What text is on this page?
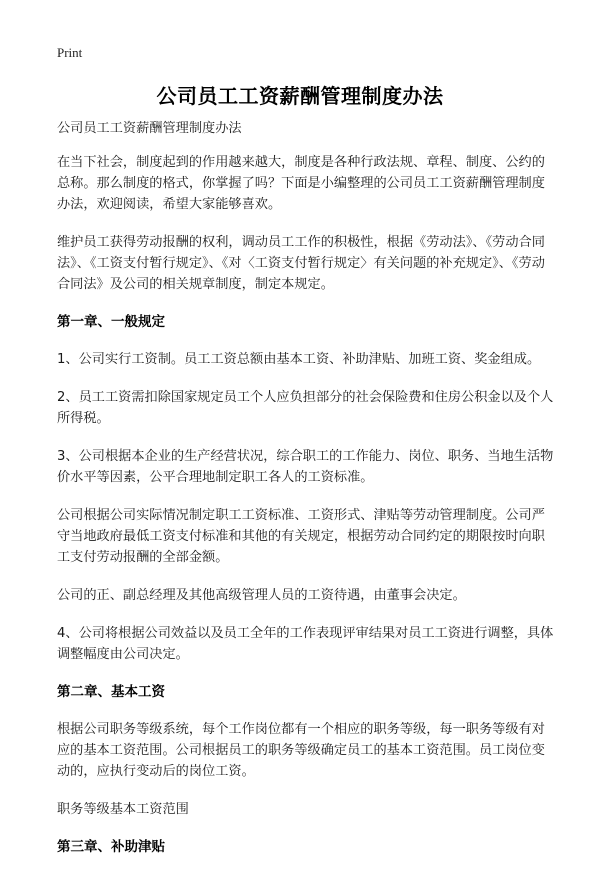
Print
公司员工工资薪酬管理制度办法

公司员工工资薪酬管理制度办法

在当下社会，制度起到的作用越来越大，制度是各种行政法规、章程、制度、公约的总称。那么制度的格式，你掌握了吗？下面是小编整理的公司员工工资薪酬管理制度办法，欢迎阅读，希望大家能够喜欢。

维护员工获得劳动报酬的权利，调动员工工作的积极性，根据《劳动法》、《劳动合同法》、《工资支付暂行规定》、《对〈工资支付暂行规定〉有关问题的补充规定》、《劳动合同法》及公司的相关规章制度，制定本规定。

第一章、一般规定

1、公司实行工资制。员工工资总额由基本工资、补助津贴、加班工资、奖金组成。

2、员工工资需扣除国家规定员工个人应负担部分的社会保险费和住房公积金以及个人所得税。

3、公司根据本企业的生产经营状况，综合职工的工作能力、岗位、职务、当地生活物价水平等因素，公平合理地制定职工各人的工资标准。

公司根据公司实际情况制定职工工资标准、工资形式、津贴等劳动管理制度。公司严守当地政府最低工资支付标准和其他的有关规定，根据劳动合同约定的期限按时向职工支付劳动报酬的全部金额。

公司的正、副总经理及其他高级管理人员的工资待遇，由董事会决定。

4、公司将根据公司效益以及员工全年的工作表现评审结果对员工工资进行调整，具体调整幅度由公司决定。

第二章、基本工资

根据公司职务等级系统，每个工作岗位都有一个相应的职务等级，每一职务等级有对应的基本工资范围。公司根据员工的职务等级确定员工的基本工资范围。员工岗位变动的，应执行变动后的岗位工资。

职务等级基本工资范围

第三章、补助津贴
